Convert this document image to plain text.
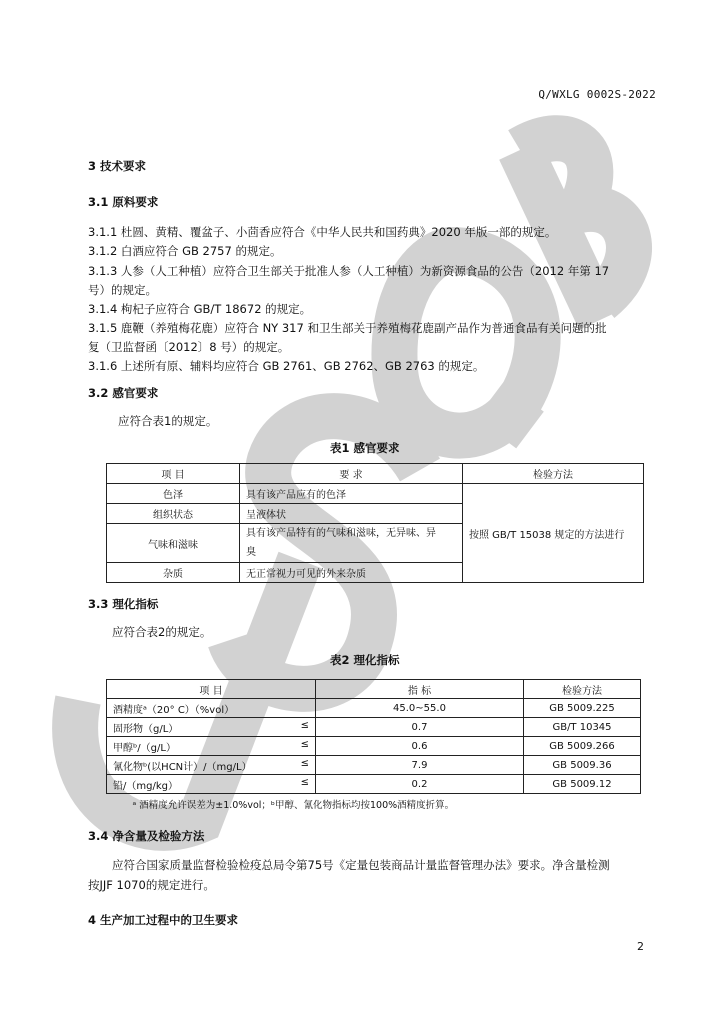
Q/WXLG 0002S-2022
3 技术要求
3.1 原料要求
3.1.1 杜圆、黄精、覆盆子、小茴香应符合《中华人民共和国药典》2020 年版一部的规定。
3.1.2 白酒应符合 GB 2757 的规定。
3.1.3 人参（人工种植）应符合卫生部关于批准人参（人工种植）为新资源食品的公告（2012 年第 17
号）的规定。
3.1.4 枸杞子应符合 GB/T 18672 的规定。
3.1.5 鹿鞭（养殖梅花鹿）应符合 NY 317 和卫生部关于养殖梅花鹿副产品作为普通食品有关问题的批
复（卫监督函〔2012〕8 号）的规定。
3.1.6 上述所有原、辅料均应符合 GB 2761、GB 2762、GB 2763 的规定。
3.2 感官要求
应符合表1的规定。
表1 感官要求
项 目	要 求	检验方法
色泽	具有该产品应有的色泽	按照 GB/T 15038 规定的方法进行
组织状态	呈液体状	
气味和滋味	具有该产品特有的气味和滋味，无异味、异
臭	

杂质	无正常视力可见的外来杂质	
3.3 理化指标
应符合表2的规定。
表2 理化指标
项 目	指 标	检验方法
酒精度ᵃ（20° C）（%vol）	45.0~55.0	GB 5009.225
固形物（g/L） ≤	0.7	GB/T 10345
甲醇ᵇ/（g/L） ≤	0.6	GB 5009.266
氰化物ᵇ(以HCN计）/（mg/L） ≤	7.9	GB 5009.36
铅/（mg/kg） ≤	0.2	GB 5009.12
ᵃ 酒精度允许误差为±1.0%vol；ᵇ甲醇、氰化物指标均按100%酒精度折算。		
3.4 净含量及检验方法
应符合国家质量监督检验检疫总局令第75号《定量包装商品计量监督管理办法》要求。净含量检测
按JJF 1070的规定进行。
4 生产加工过程中的卫生要求
2
